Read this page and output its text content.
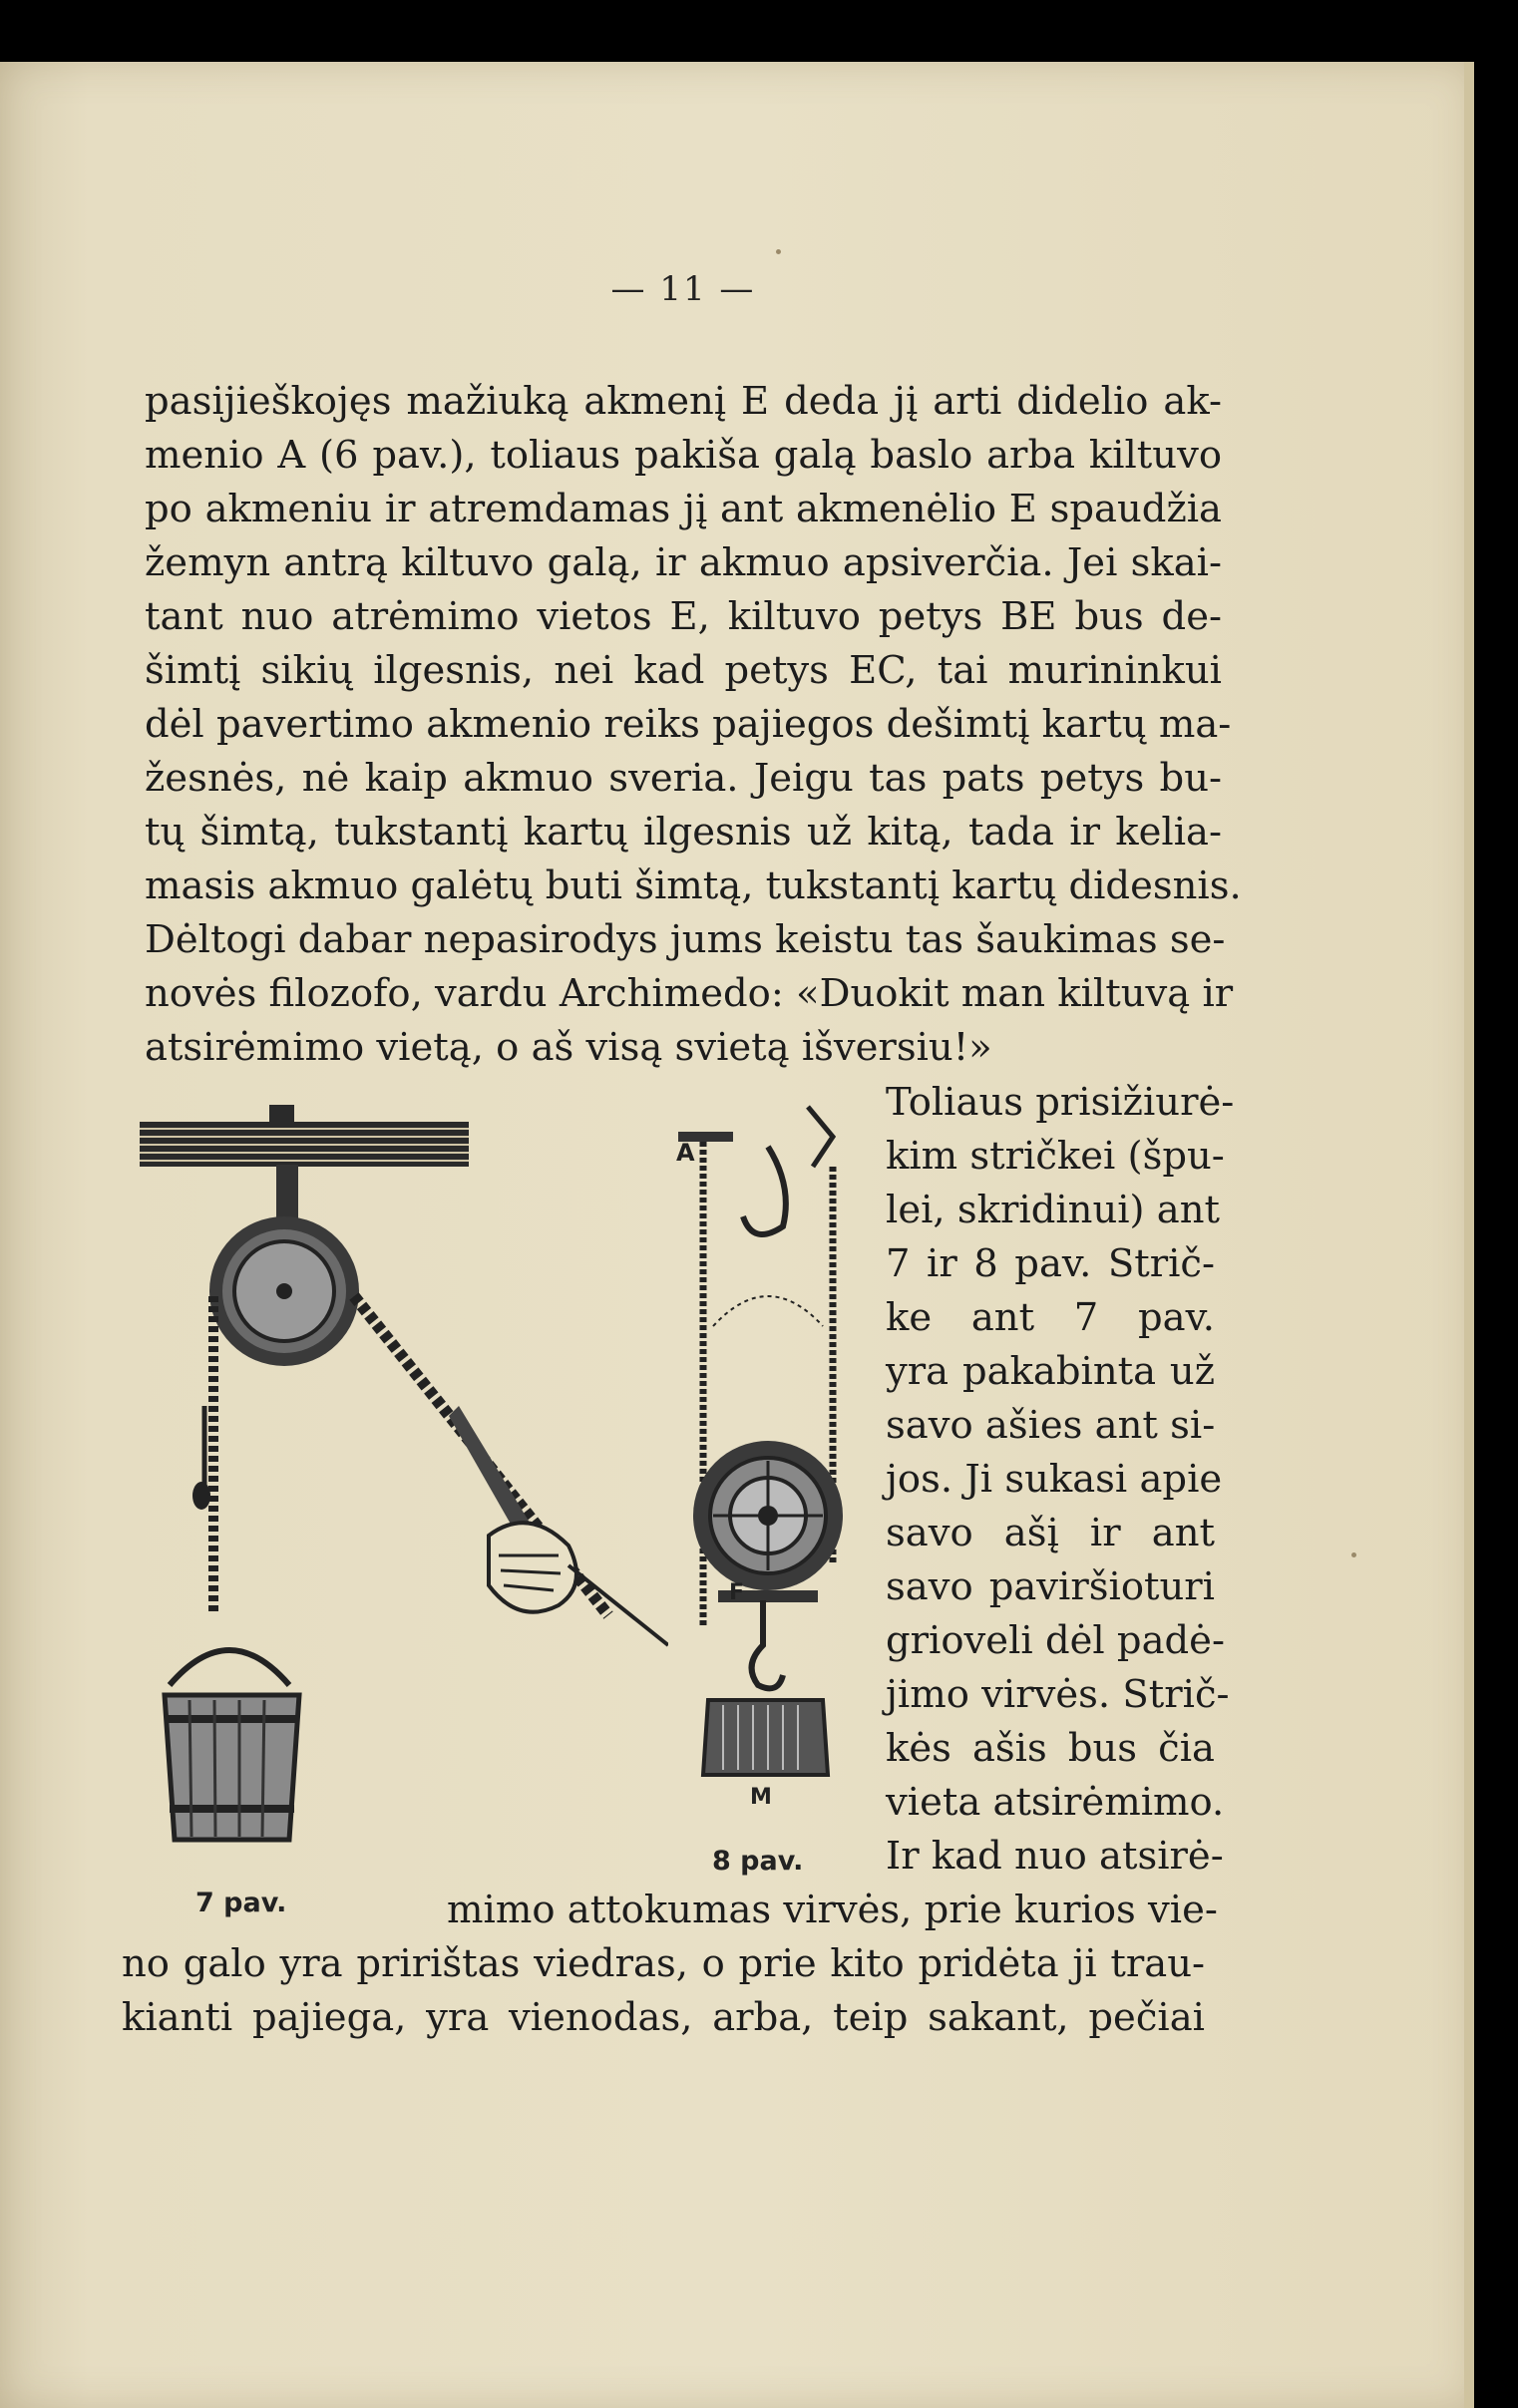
— 11 —
pasijieškojęs mažiuką akmenį E deda jį arti didelio ak-
menio A (6 pav.), toliaus pakiša galą baslo arba kiltuvo
po akmeniu ir atremdamas jį ant akmenėlio E spaudžia
žemyn antrą kiltuvo galą, ir akmuo apsiverčia. Jei skai-
tant nuo atrėmimo vietos E, kiltuvo petys BE bus de-
šimtį sikių ilgesnis, nei kad petys EC, tai murininkui
dėl pavertimo akmenio reiks pajiegos dešimtį kartų ma-
žesnės, nė kaip akmuo sveria. Jeigu tas pats petys bu-
tų šimtą, tukstantį kartų ilgesnis už kitą, tada ir kelia-
masis akmuo galėtų buti šimtą, tukstantį kartų didesnis.
Dėltogi dabar nepasirodys jums keistu tas šaukimas se-
novės filozofo, vardu Archimedo: «Duokit man kiltuvą ir
atsirėmimo vietą, o aš visą svietą išversiu!»
Toliaus prisižiurė-
kim stričkei (špu-
lei, skridinui) ant
7 ir 8 pav. Strič-
ke ant 7 pav.
yra pakabinta už
savo ašies ant si-
jos. Ji sukasi apie
savo ašį ir ant
savo paviršioturi
grioveli dėl padė-
jimo virvės. Strič-
kės ašis bus čia
vieta atsirėmimo.
Ir kad nuo atsirė-
mimo attokumas virvės, prie kurios vie-
no galo yra pririštas viedras, o prie kito pridėta ji trau-
kianti pajiega, yra vienodas, arba, teip sakant, pečiai
A
F
M
7 pav.
8 pav.
